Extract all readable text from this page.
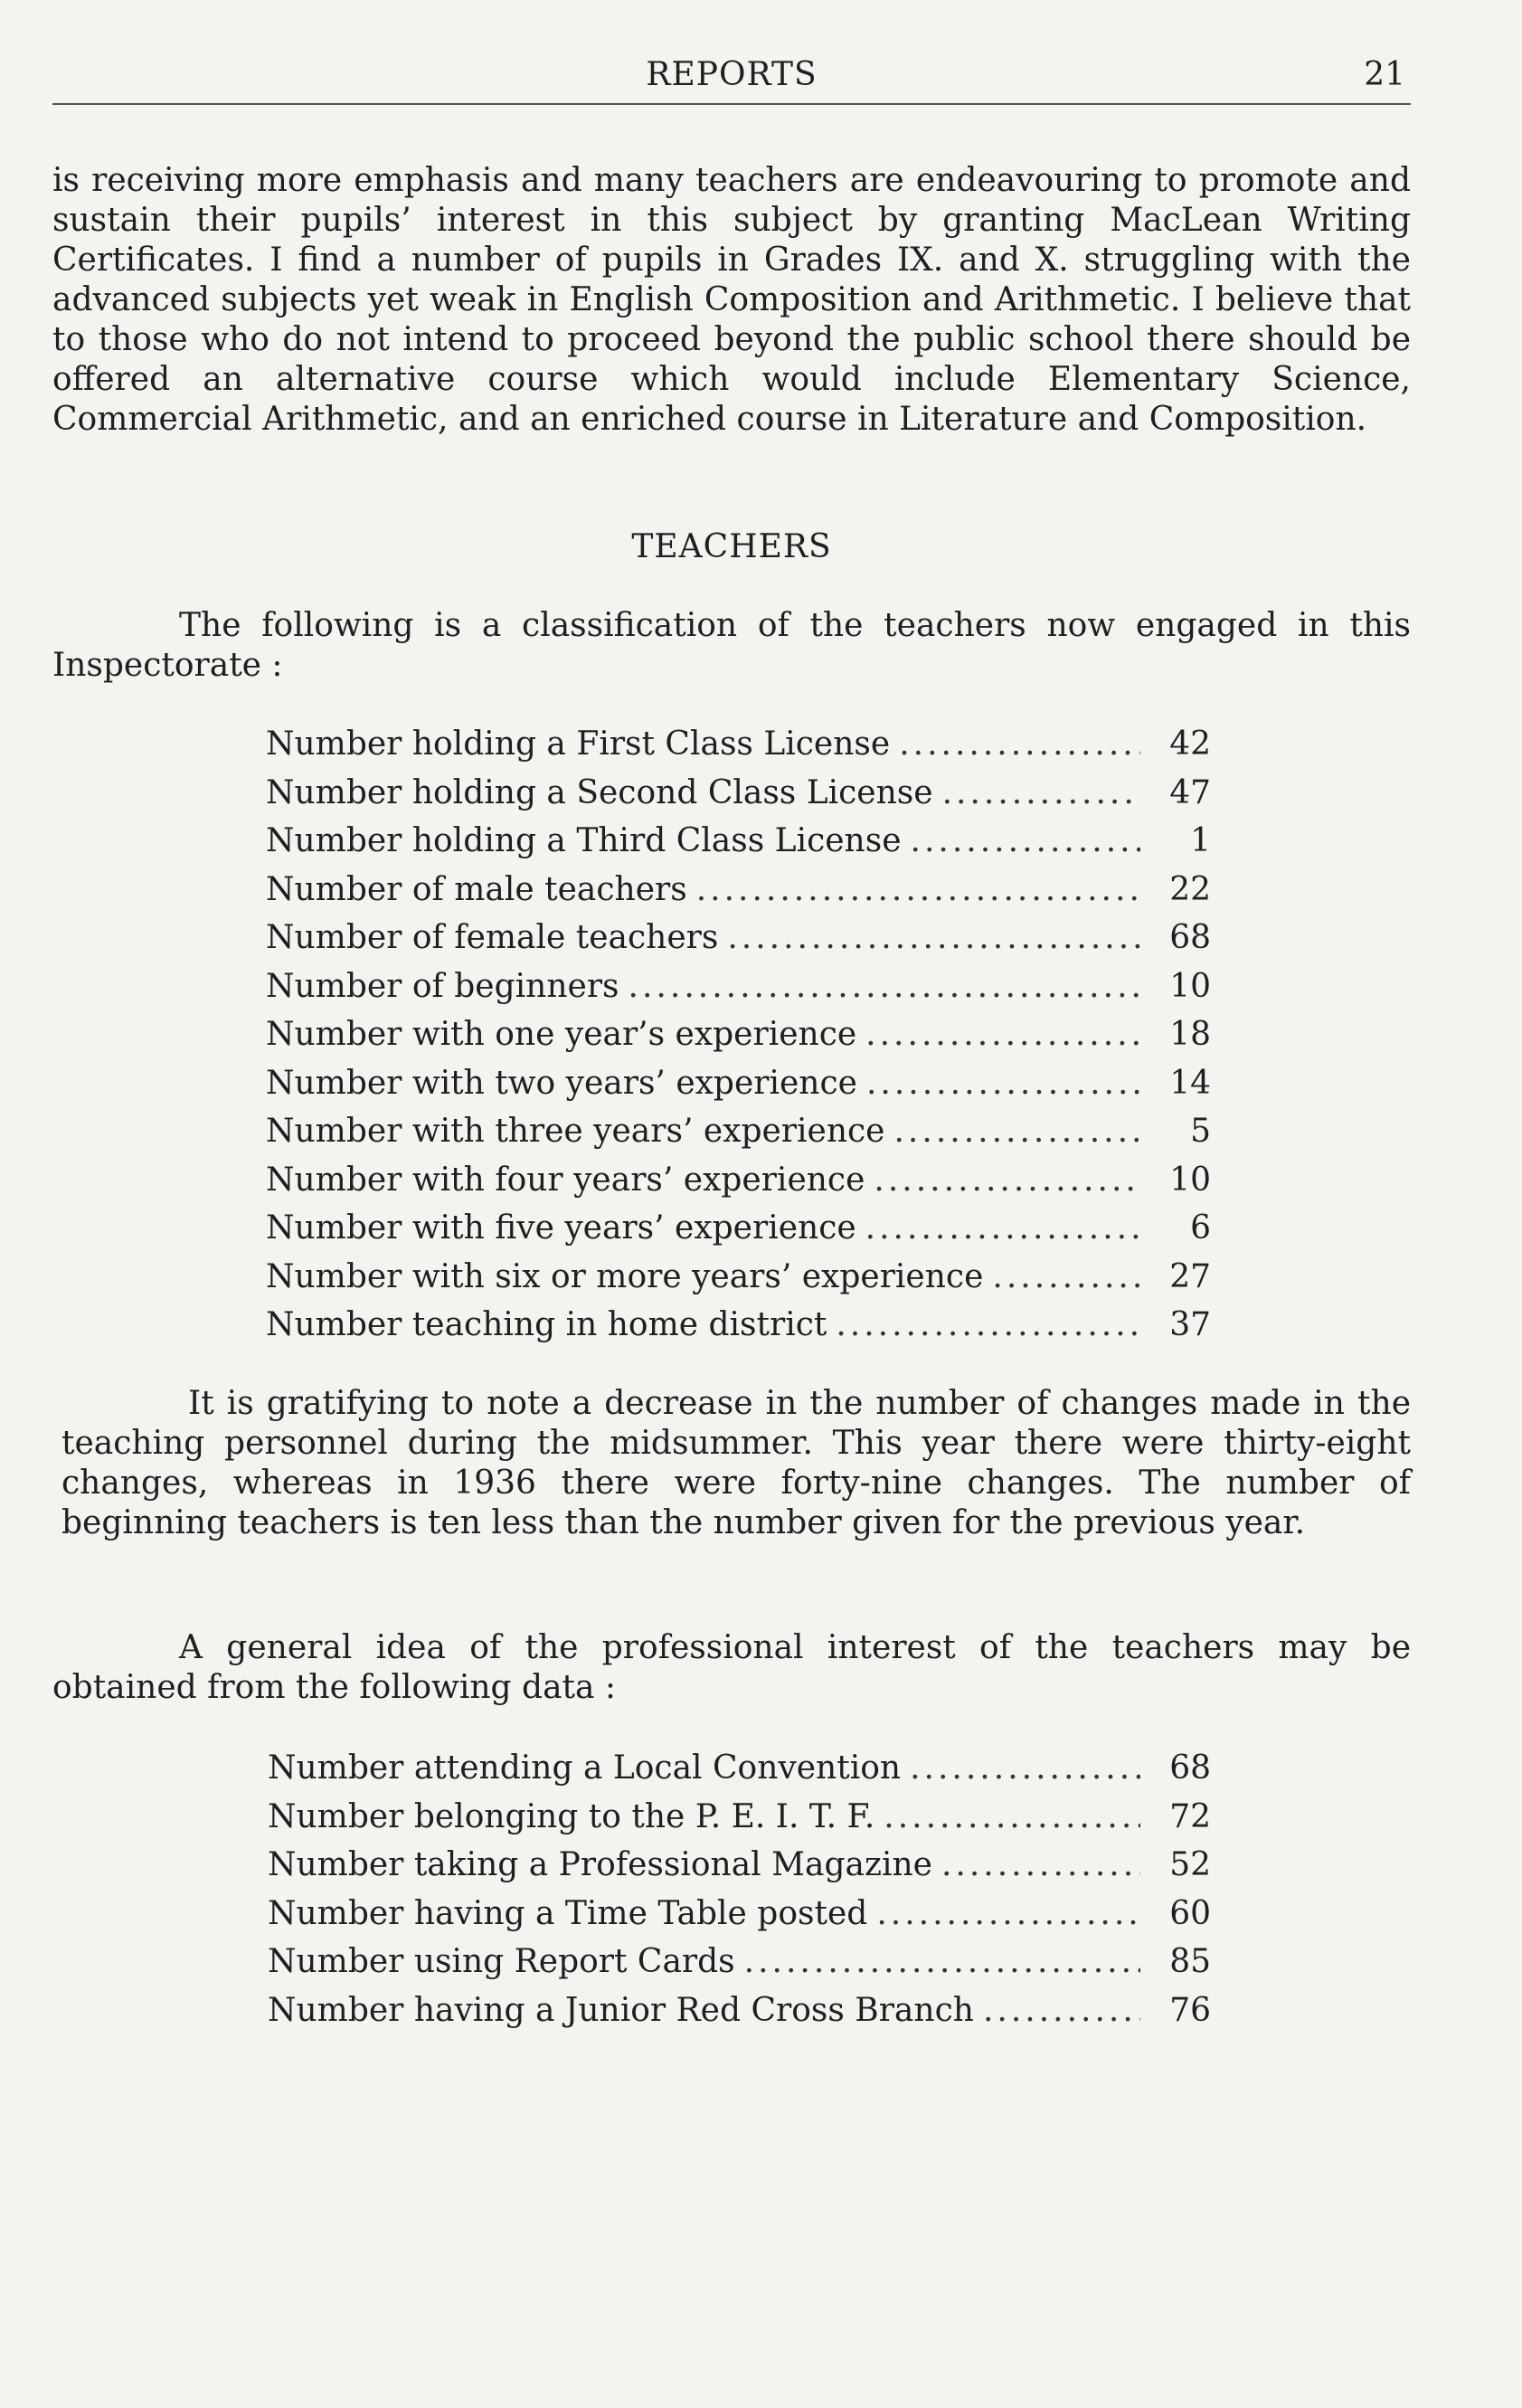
REPORTS	21

is receiving more emphasis and many teachers are endeavouring to promote and sustain their pupils’ interest in this subject by granting MacLean Writing Certificates. I find a number of pupils in Grades IX. and X. struggling with the advanced subjects yet weak in English Composition and Arithmetic. I believe that to those who do not intend to proceed beyond the public school there should be offered an alternative course which would include Elementary Science, Commercial Arithmetic, and an enriched course in Literature and Composition.

TEACHERS

The following is a classification of the teachers now engaged in this Inspectorate :

Number holding a First Class License .....	42
Number holding a Second Class License .....	47
Number holding a Third Class License .....	1
Number of male teachers .....	22
Number of female teachers .....	68
Number of beginners .....	10
Number with one year’s experience .....	18
Number with two years’ experience .....	14
Number with three years’ experience .....	5
Number with four years’ experience .....	10
Number with five years’ experience .....	6
Number with six or more years’ experience .....	27
Number teaching in home district .....	37

It is gratifying to note a decrease in the number of changes made in the teaching personnel during the midsummer. This year there were thirty-eight changes, whereas in 1936 there were forty-nine changes. The number of beginning teachers is ten less than the number given for the previous year.

A general idea of the professional interest of the teachers may be obtained from the following data :

Number attending a Local Convention .....	68
Number belonging to the P. E. I. T. F. .....	72
Number taking a Professional Magazine .....	52
Number having a Time Table posted .....	60
Number using Report Cards .....	85
Number having a Junior Red Cross Branch .....	76
